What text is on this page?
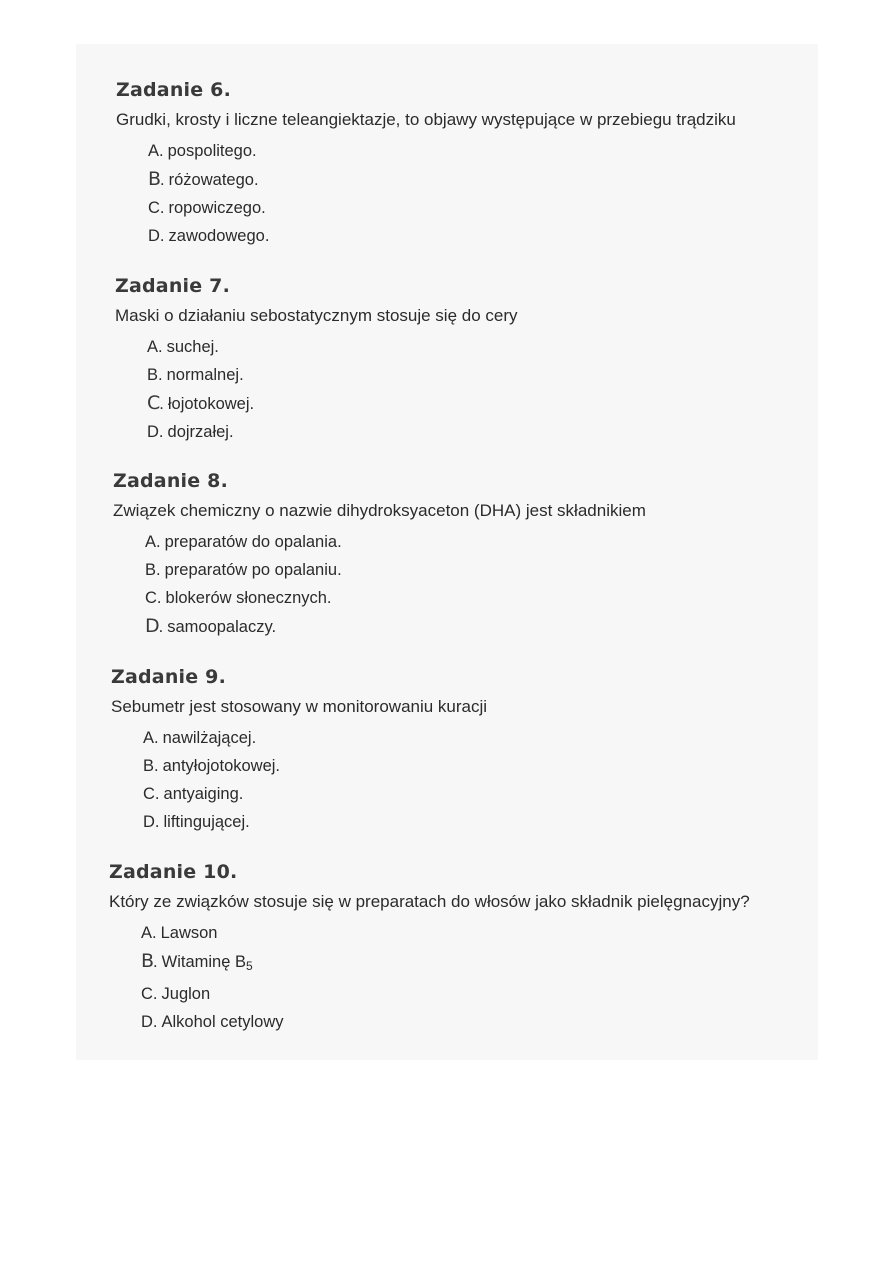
Zadanie 6.

Grudki, krosty i liczne teleangiektazje, to objawy występujące w przebiegu trądziku

A. pospolitego.
B. różowatego.
C. ropowiczego.
D. zawodowego.
Zadanie 7.

Maski o działaniu sebostatycznym stosuje się do cery

A. suchej.
B. normalnej.
C. łojotokowej.
D. dojrzałej.
Zadanie 8.

Związek chemiczny o nazwie dihydroksyaceton (DHA) jest składnikiem

A. preparatów do opalania.
B. preparatów po opalaniu.
C. blokerów słonecznych.
D. samoopalaczy.
Zadanie 9.

Sebumetr jest stosowany w monitorowaniu kuracji

A. nawilżającej.
B. antyłojotokowej.
C. antyaiging.
D. liftingującej.
Zadanie 10.

Który ze związków stosuje się w preparatach do włosów jako składnik pielęgnacyjny?

A. Lawson
B. Witaminę $B_5$
C. Juglon
D. Alkohol cetylowy
